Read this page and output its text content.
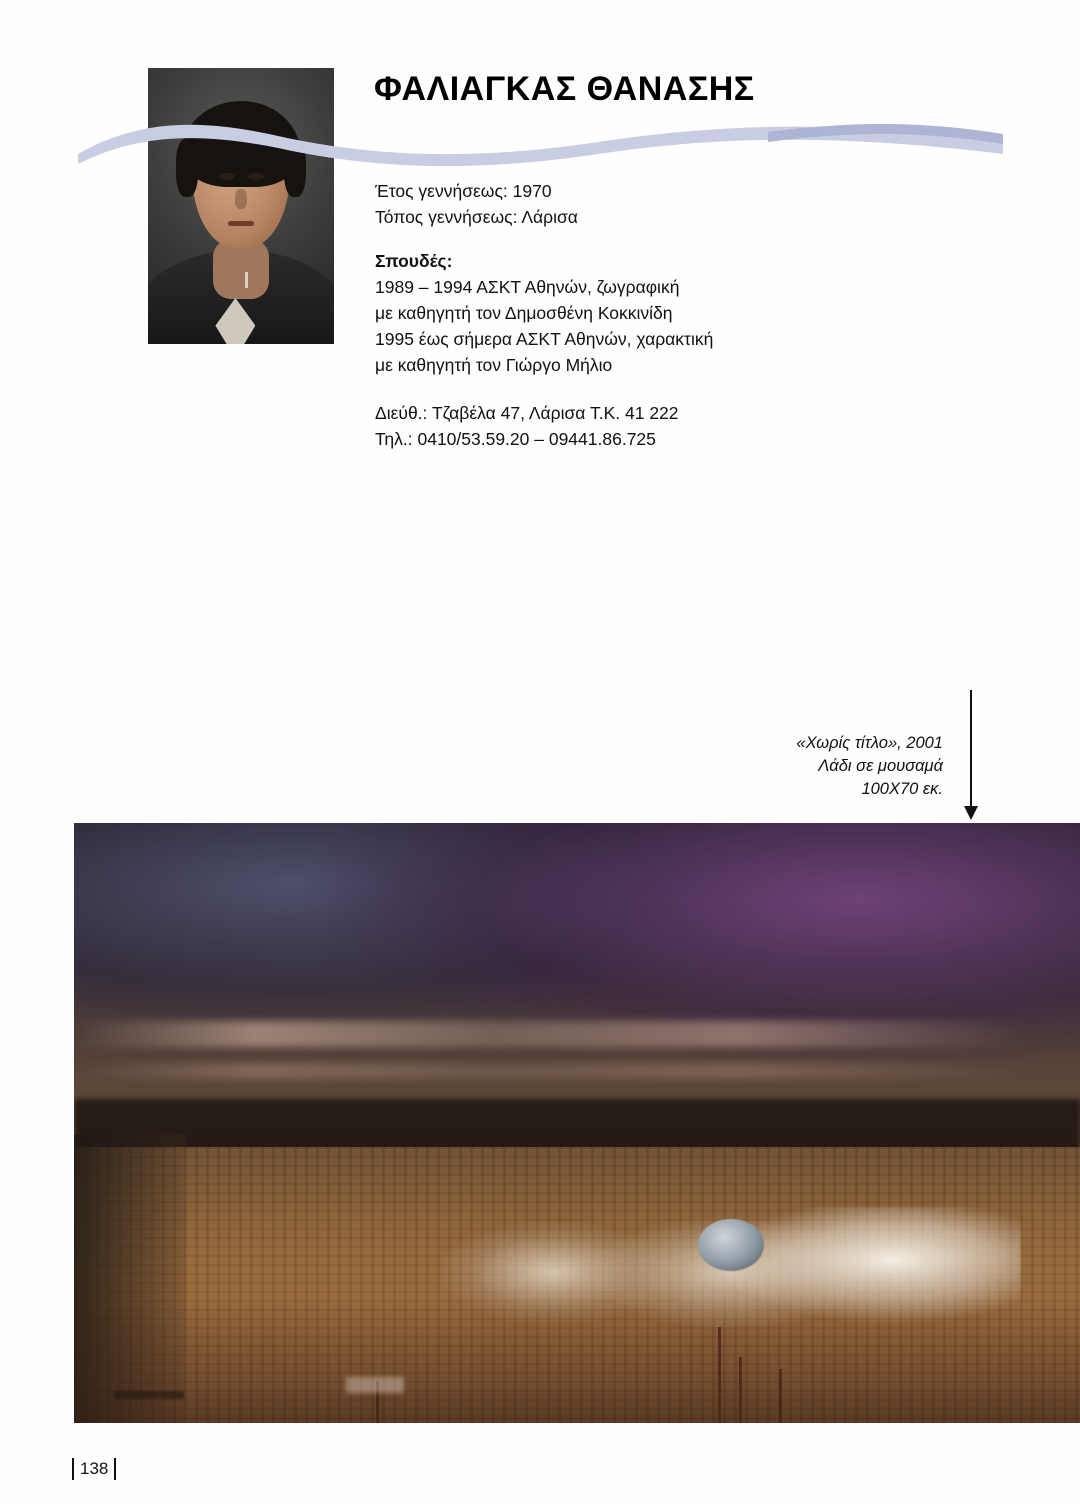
ΦΑΛΙΑΓΚΑΣ ΘΑΝΑΣΗΣ
Έτος γεννήσεως: 1970
Τόπος γεννήσεως: Λάρισα
Σπουδές:
1989 – 1994 ΑΣΚΤ Αθηνών, ζωγραφική
με καθηγητή τον Δημοσθένη Κοκκινίδη
1995 έως σήμερα ΑΣΚΤ Αθηνών, χαρακτική
με καθηγητή τον Γιώργο Μήλιο
Διεύθ.: Τζαβέλα 47, Λάρισα Τ.Κ. 41 222
Τηλ.: 0410/53.59.20 – 09441.86.725
«Χωρίς τίτλο», 2001
Λάδι σε μουσαμά
100Χ70 εκ.
138
